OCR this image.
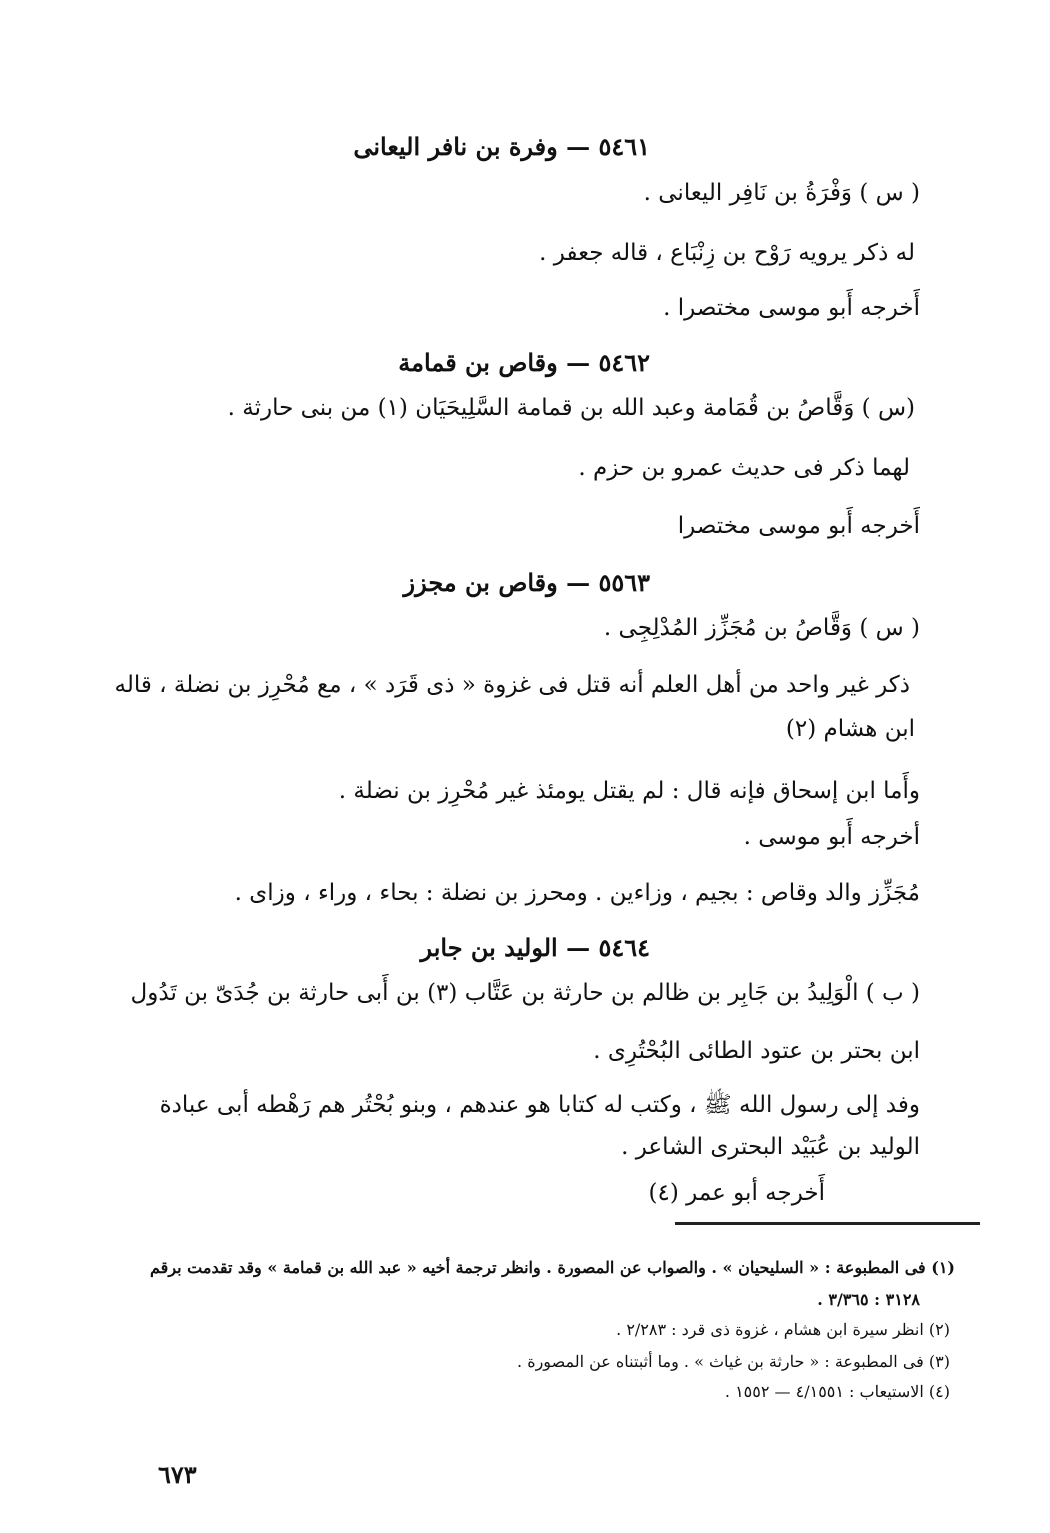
٥٤٦١ — وفرة بن نافر اليعانى
( س ) وَفْرَةُ بن نَافِر اليعانى .
له ذكر يرويه رَوْح بن زِنْبَاع ، قاله جعفر .
أَخرجه أَبو موسى مختصرا .
٥٤٦٢ — وقاص بن قمامة
(س ) وَقَّاصُ بن قُمَامة وعبد الله بن قمامة السَّلِيحَيَان (١) من بنى حارثة .
لهما ذكر فى حديث عمرو بن حزم .
أَخرجه أَبو موسى مختصرا
٥٥٦٣ — وقاص بن مجزز
( س ) وَقَّاصُ بن مُجَزِّز المُدْلِجِى .
ذكر غير واحد من أهل العلم أنه قتل فى غزوة « ذى قَرَد » ، مع مُحْرِز بن نضلة ، قاله
ابن هشام (٢)
وأَما ابن إسحاق فإنه قال : لم يقتل يومئذ غير مُحْرِز بن نضلة .
أخرجه أَبو موسى .
مُجَزِّز والد وقاص : بجيم ، وزاءين . ومحرز بن نضلة : بحاء ، وراء ، وزاى .
٥٤٦٤ — الوليد بن جابر
( ب ) الْوَلِيدُ بن جَابِر بن ظالم بن حارثة بن عَتَّاب (٣) بن أَبى حارثة بن جُدَىّ بن تَدُول
ابن بحتر بن عتود الطائى البُحْتُرِى .
وفد إلى رسول الله ﷺ ، وكتب له كتابا هو عندهم ، وبنو بُحْتُر هم رَهْطه أبى عبادة
الوليد بن عُبَيْد البحترى الشاعر .
أَخرجه أبو عمر (٤)
(١) فى المطبوعة : « السليحيان » . والصواب عن المصورة . وانظر ترجمة أخيه « عبد الله بن قمامة » وقد تقدمت برقم
٣١٢٨ : ٣/٣٦٥ .
(٢) انظر سيرة ابن هشام ، غزوة ذى قرد : ٢/٢٨٣ .
(٣) فى المطبوعة : « حارثة بن غياث » . وما أثبتناه عن المصورة .
(٤) الاستيعاب : ٤/١٥٥١ — ١٥٥٢ .
٦٧٣
